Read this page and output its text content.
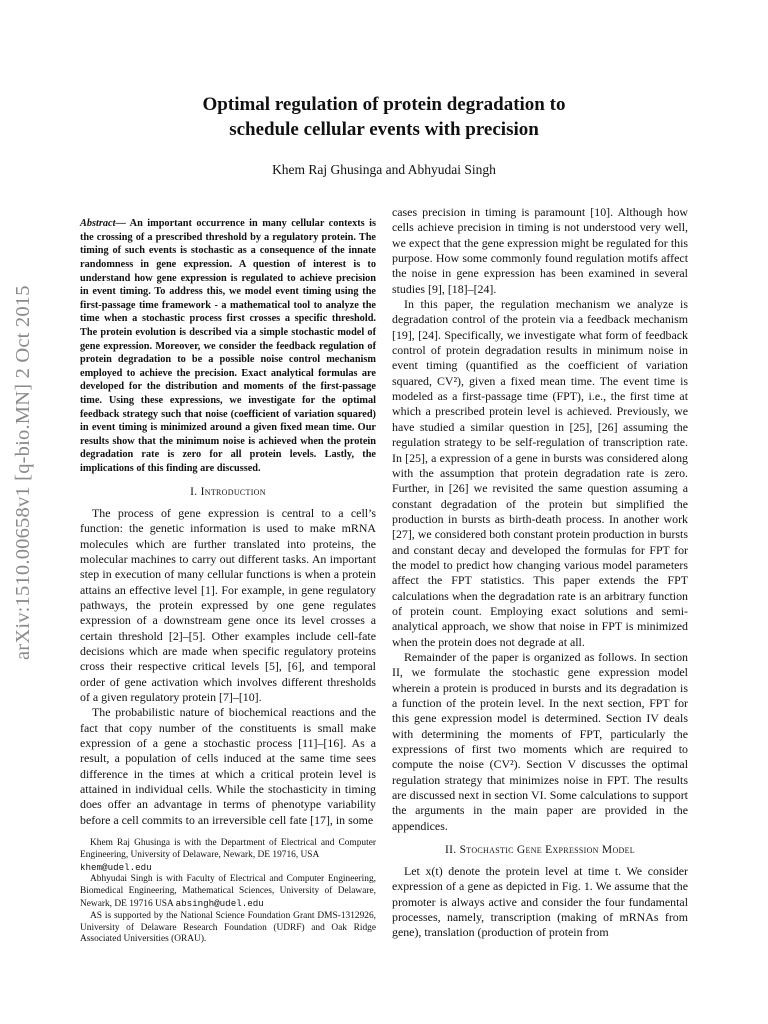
arXiv:1510.00658v1 [q-bio.MN] 2 Oct 2015
Optimal regulation of protein degradation to
schedule cellular events with precision
Khem Raj Ghusinga and Abhyudai Singh

Abstract— An important occurrence in many cellular contexts is the crossing of a prescribed threshold by a regulatory protein. The timing of such events is stochastic as a consequence of the innate randomness in gene expression. A question of interest is to understand how gene expression is regulated to achieve precision in event timing. To address this, we model event timing using the first-passage time framework - a mathematical tool to analyze the time when a stochastic process first crosses a specific threshold. The protein evolution is described via a simple stochastic model of gene expression. Moreover, we consider the feedback regulation of protein degradation to be a possible noise control mechanism employed to achieve the precision. Exact analytical formulas are developed for the distribution and moments of the first-passage time. Using these expressions, we investigate for the optimal feedback strategy such that noise (coefficient of variation squared) in event timing is minimized around a given fixed mean time. Our results show that the minimum noise is achieved when the protein degradation rate is zero for all protein levels. Lastly, the implications of this finding are discussed.

I. Introduction

The process of gene expression is central to a cell’s function: the genetic information is used to make mRNA molecules which are further translated into proteins, the molecular machines to carry out different tasks. An important step in execution of many cellular functions is when a protein attains an effective level [1]. For example, in gene regulatory pathways, the protein expressed by one gene regulates expression of a downstream gene once its level crosses a certain threshold [2]–[5]. Other examples include cell-fate decisions which are made when specific regulatory proteins cross their respective critical levels [5], [6], and temporal order of gene activation which involves different thresholds of a given regulatory protein [7]–[10].

The probabilistic nature of biochemical reactions and the fact that copy number of the constituents is small make expression of a gene a stochastic process [11]–[16]. As a result, a population of cells induced at the same time sees difference in the times at which a critical protein level is attained in individual cells. While the stochasticity in timing does offer an advantage in terms of phenotype variability before a cell commits to an irreversible cell fate [17], in some

Khem Raj Ghusinga is with the Department of Electrical and Computer Engineering, University of Delaware, Newark, DE 19716, USA
khem@udel.edu

Abhyudai Singh is with Faculty of Electrical and Computer Engineering, Biomedical Engineering, Mathematical Sciences, University of Delaware, Newark, DE 19716 USA absingh@udel.edu

AS is supported by the National Science Foundation Grant DMS-1312926, University of Delaware Research Foundation (UDRF) and Oak Ridge Associated Universities (ORAU).

cases precision in timing is paramount [10]. Although how cells achieve precision in timing is not understood very well, we expect that the gene expression might be regulated for this purpose. How some commonly found regulation motifs affect the noise in gene expression has been examined in several studies [9], [18]–[24].

In this paper, the regulation mechanism we analyze is degradation control of the protein via a feedback mechanism [19], [24]. Specifically, we investigate what form of feedback control of protein degradation results in minimum noise in event timing (quantified as the coefficient of variation squared, CV²), given a fixed mean time. The event time is modeled as a first-passage time (FPT), i.e., the first time at which a prescribed protein level is achieved. Previously, we have studied a similar question in [25], [26] assuming the regulation strategy to be self-regulation of transcription rate. In [25], a expression of a gene in bursts was considered along with the assumption that protein degradation rate is zero. Further, in [26] we revisited the same question assuming a constant degradation of the protein but simplified the production in bursts as birth-death process. In another work [27], we considered both constant protein production in bursts and constant decay and developed the formulas for FPT for the model to predict how changing various model parameters affect the FPT statistics. This paper extends the FPT calculations when the degradation rate is an arbitrary function of protein count. Employing exact solutions and semi-analytical approach, we show that noise in FPT is minimized when the protein does not degrade at all.

Remainder of the paper is organized as follows. In section II, we formulate the stochastic gene expression model wherein a protein is produced in bursts and its degradation is a function of the protein level. In the next section, FPT for this gene expression model is determined. Section IV deals with determining the moments of FPT, particularly the expressions of first two moments which are required to compute the noise (CV²). Section V discusses the optimal regulation strategy that minimizes noise in FPT. The results are discussed next in section VI. Some calculations to support the arguments in the main paper are provided in the appendices.

II. Stochastic Gene Expression Model

Let x(t) denote the protein level at time t. We consider expression of a gene as depicted in Fig. 1. We assume that the promoter is always active and consider the four fundamental processes, namely, transcription (making of mRNAs from gene), translation (production of protein from
